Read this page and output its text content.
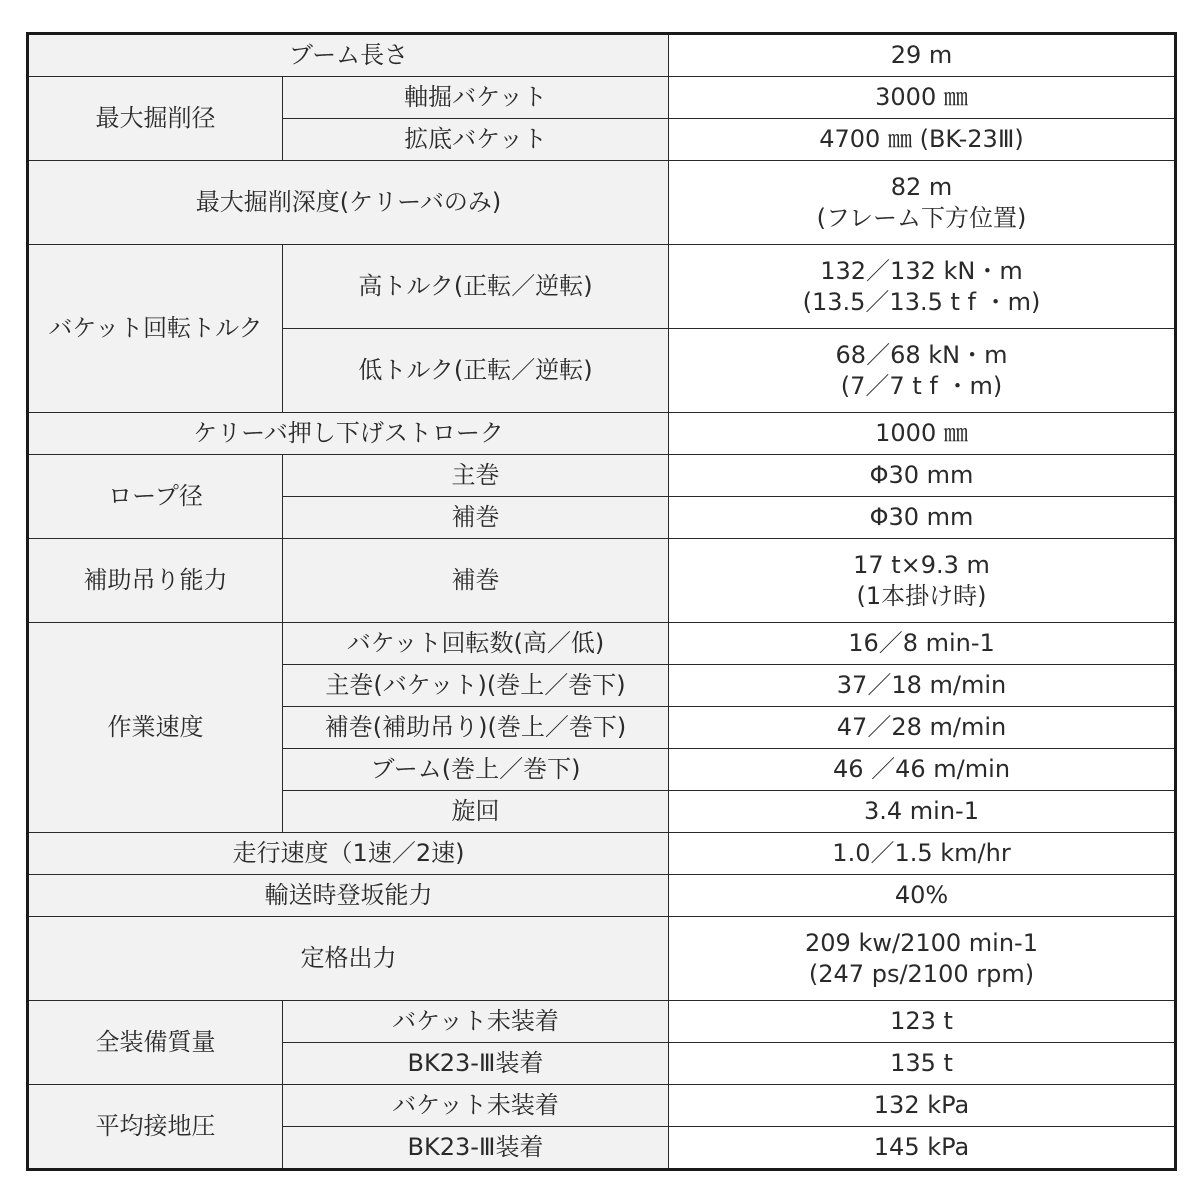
ブーム長さ		29 m
最大掘削径	軸掘バケット	3000 ㎜
	拡底バケット	4700 ㎜ (BK-23Ⅲ)
最大掘削深度(ケリーバのみ)		82 m
(フレーム下方位置)

バケット回転トルク	高トルク(正転／逆転)	132／132 kN・m
(13.5／13.5 t f ・m)

	低トルク(正転／逆転)	68／68 kN・m
(7／7 t f ・m)

ケリーバ押し下げストローク		1000 ㎜
ロープ径	主巻	Φ30 mm
	補巻	Φ30 mm
補助吊り能力	補巻	17 t×9.3 m
(1本掛け時)

作業速度	バケット回転数(高／低)	16／8 min-1
	主巻(バケット)(巻上／巻下)	37／18 m/min
	補巻(補助吊り)(巻上／巻下)	47／28 m/min
	ブーム(巻上／巻下)	46 ／46 m/min
	旋回	3.4 min-1
走行速度（1速／2速)		1.0／1.5 km/hr
輸送時登坂能力		40%
定格出力		209 kw/2100 min-1
(247 ps/2100 rpm)

全装備質量	バケット未装着	123 t
	BK23-Ⅲ装着	135 t
平均接地圧	バケット未装着	132 kPa
	BK23-Ⅲ装着	145 kPa
